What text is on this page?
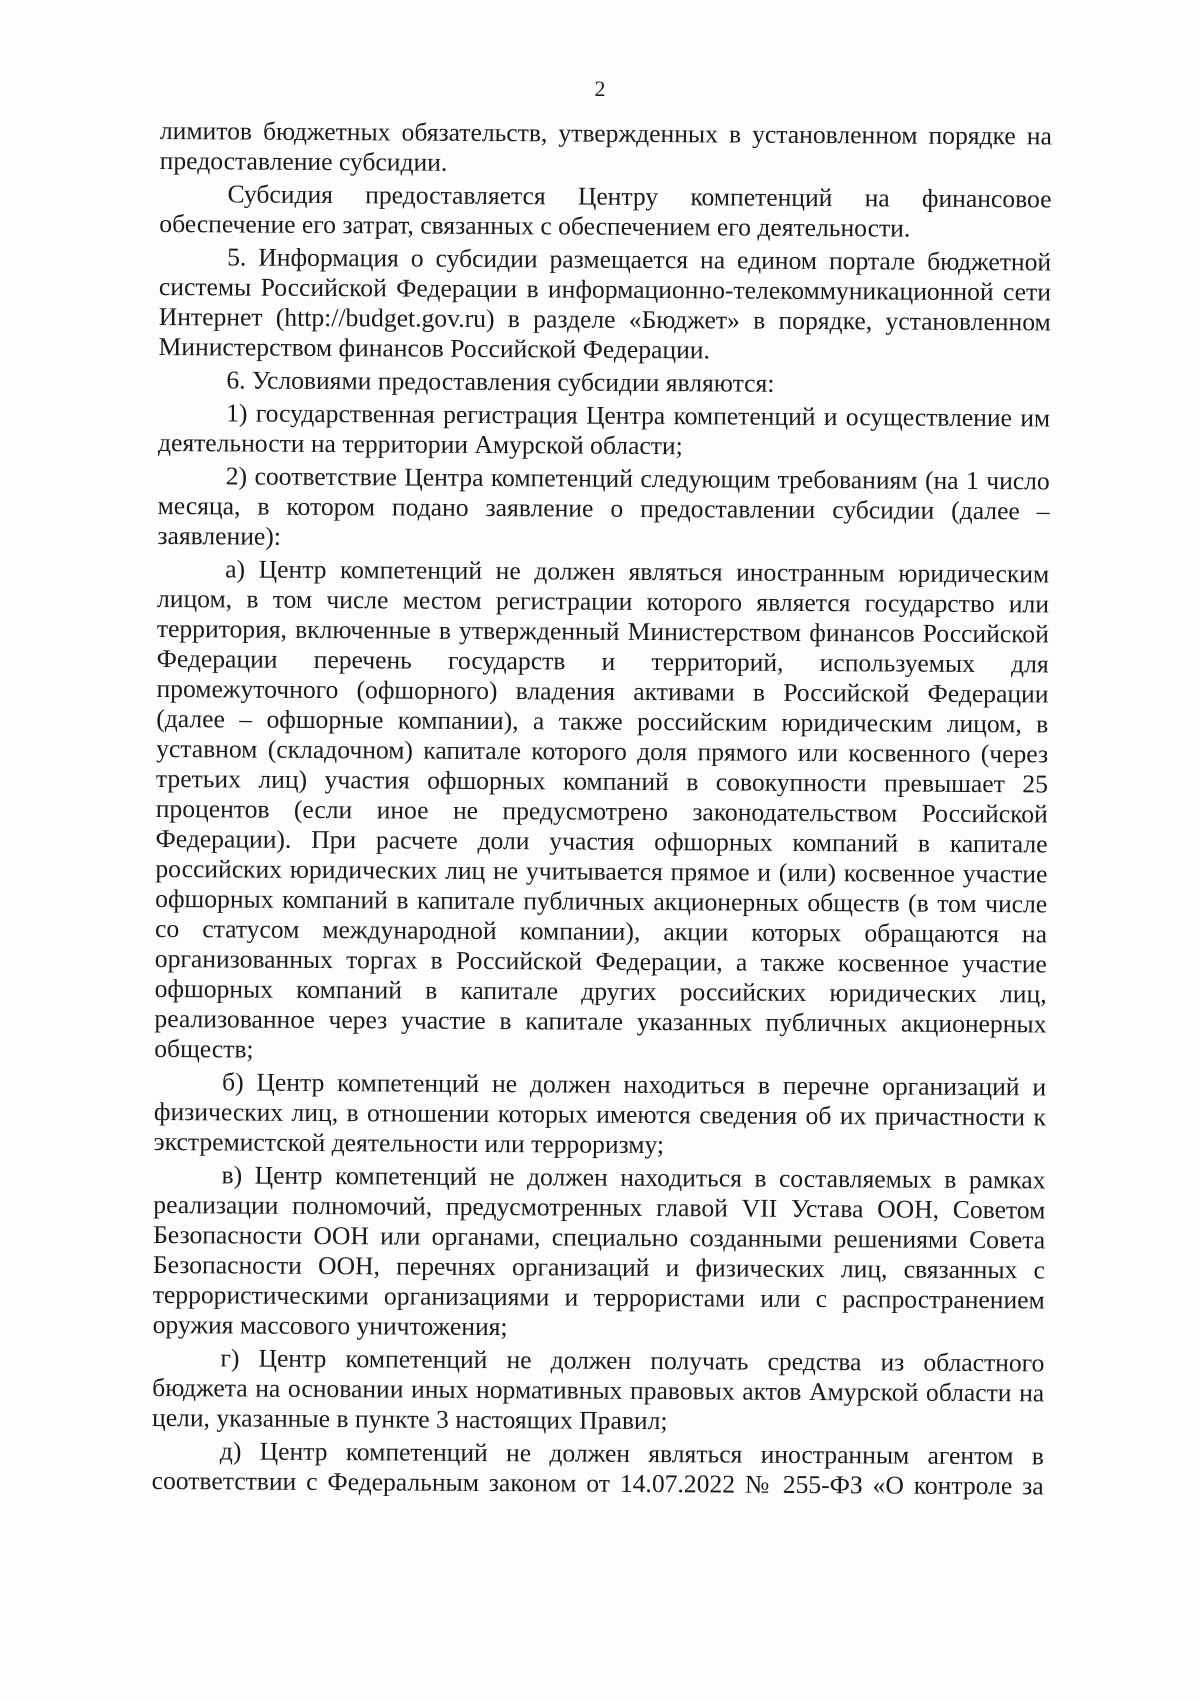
2

лимитов бюджетных обязательств, утвержденных в установленном порядке на предоставление субсидии.

Субсидия предоставляется Центру компетенций на финансовое обеспечение его затрат, связанных с обеспечением его деятельности.

5. Информация о субсидии размещается на едином портале бюджетной системы Российской Федерации в информационно-телекоммуникационной сети Интернет (http://budget.gov.ru) в разделе «Бюджет» в порядке, установленном Министерством финансов Российской Федерации.

6. Условиями предоставления субсидии являются:

1) государственная регистрация Центра компетенций и осуществление им деятельности на территории Амурской области;

2) соответствие Центра компетенций следующим требованиям (на 1 число месяца, в котором подано заявление о предоставлении субсидии (далее – заявление):

а) Центр компетенций не должен являться иностранным юридическим лицом, в том числе местом регистрации которого является государство или территория, включенные в утвержденный Министерством финансов Российской Федерации перечень государств и территорий, используемых для промежуточного (офшорного) владения активами в Российской Федерации (далее – офшорные компании), а также российским юридическим лицом, в уставном (складочном) капитале которого доля прямого или косвенного (через третьих лиц) участия офшорных компаний в совокупности превышает 25 процентов (если иное не предусмотрено законодательством Российской Федерации). При расчете доли участия офшорных компаний в капитале российских юридических лиц не учитывается прямое и (или) косвенное участие офшорных компаний в капитале публичных акционерных обществ (в том числе со статусом международной компании), акции которых обращаются на организованных торгах в Российской Федерации, а также косвенное участие офшорных компаний в капитале других российских юридических лиц, реализованное через участие в капитале указанных публичных акционерных обществ;

б) Центр компетенций не должен находиться в перечне организаций и физических лиц, в отношении которых имеются сведения об их причастности к экстремистской деятельности или терроризму;

в) Центр компетенций не должен находиться в составляемых в рамках реализации полномочий, предусмотренных главой VII Устава ООН, Советом Безопасности ООН или органами, специально созданными решениями Совета Безопасности ООН, перечнях организаций и физических лиц, связанных с террористическими организациями и террористами или с распространением оружия массового уничтожения;

г) Центр компетенций не должен получать средства из областного бюджета на основании иных нормативных правовых актов Амурской области на цели, указанные в пункте 3 настоящих Правил;

д) Центр компетенций не должен являться иностранным агентом в соответствии с Федеральным законом от 14.07.2022 № 255-ФЗ «О контроле за
